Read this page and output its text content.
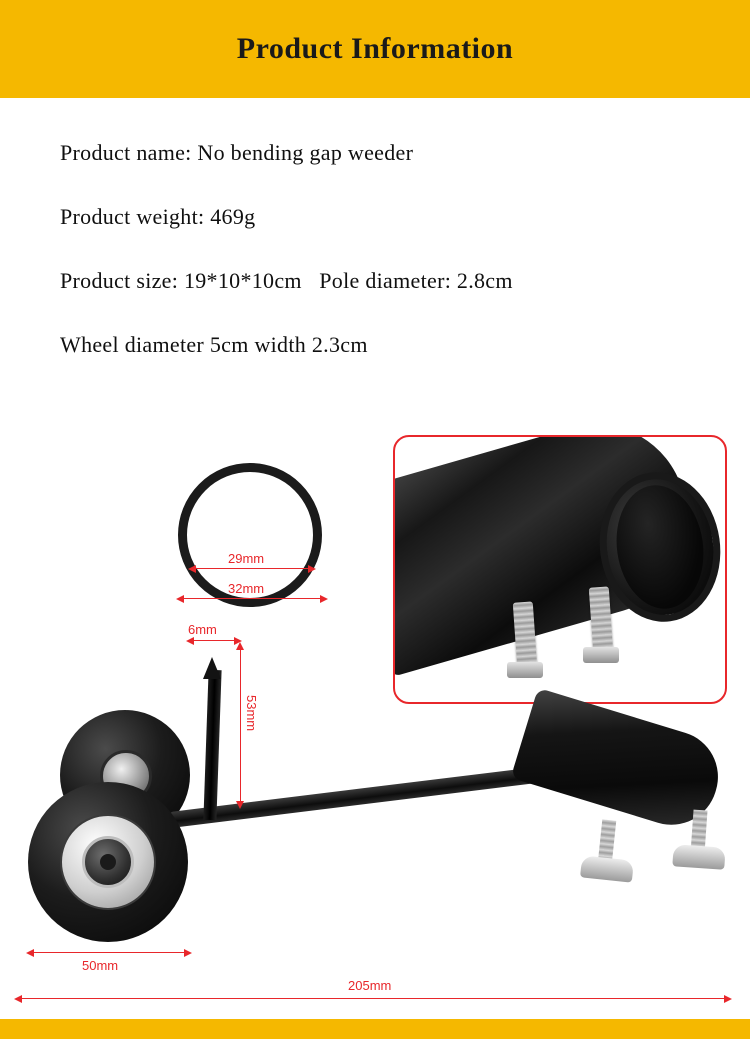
Product Information

Product name: No bending gap weeder

Product weight: 469g

Product size: 19*10*10cm   Pole diameter: 2.8cm

Wheel diameter 5cm width 2.3cm

29mm
32mm
6mm
53mm
50mm
205mm
